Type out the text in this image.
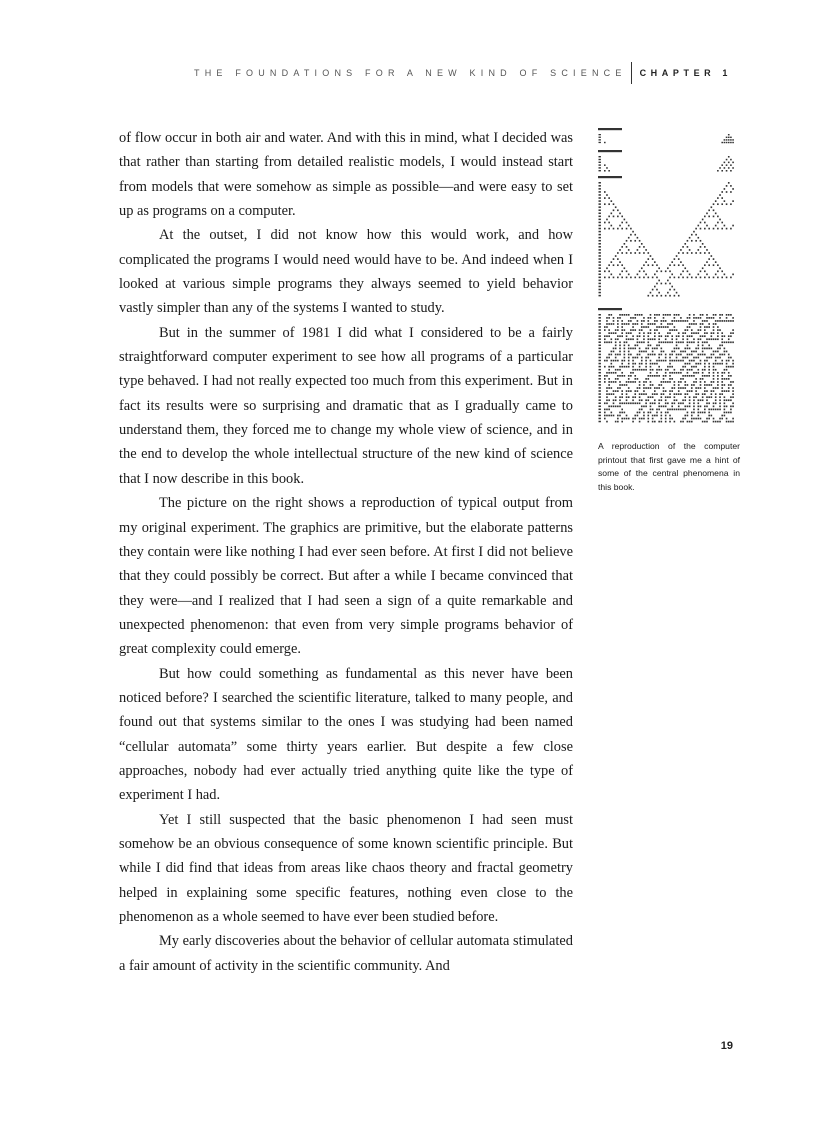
THE FOUNDATIONS FOR A NEW KIND OF SCIENCE CHAPTER 1

of flow occur in both air and water. And with this in mind, what I decided was that rather than starting from detailed realistic models, I would instead start from models that were somehow as simple as possible—and were easy to set up as programs on a computer.

At the outset, I did not know how this would work, and how complicated the programs I would need would have to be. And indeed when I looked at various simple programs they always seemed to yield behavior vastly simpler than any of the systems I wanted to study.

But in the summer of 1981 I did what I considered to be a fairly straightforward computer experiment to see how all programs of a particular type behaved. I had not really expected too much from this experiment. But in fact its results were so surprising and dramatic that as I gradually came to understand them, they forced me to change my whole view of science, and in the end to develop the whole intellectual structure of the new kind of science that I now describe in this book.

The picture on the right shows a reproduction of typical output from my original experiment. The graphics are primitive, but the elaborate patterns they contain were like nothing I had ever seen before. At first I did not believe that they could possibly be correct. But after a while I became convinced that they were—and I realized that I had seen a sign of a quite remarkable and unexpected phenomenon: that even from very simple programs behavior of great complexity could emerge.

But how could something as fundamental as this never have been noticed before? I searched the scientific literature, talked to many people, and found out that systems similar to the ones I was studying had been named “cellular automata” some thirty years earlier. But despite a few close approaches, nobody had ever actually tried anything quite like the type of experiment I had.

Yet I still suspected that the basic phenomenon I had seen must somehow be an obvious consequence of some known scientific principle. But while I did find that ideas from areas like chaos theory and fractal geometry helped in explaining some specific features, nothing even close to the phenomenon as a whole seemed to have ever been studied before.

My early discoveries about the behavior of cellular automata stimulated a fair amount of activity in the scientific community. And

A reproduction of the computer printout that first gave me a hint of some of the central phenomena in this book.

19
